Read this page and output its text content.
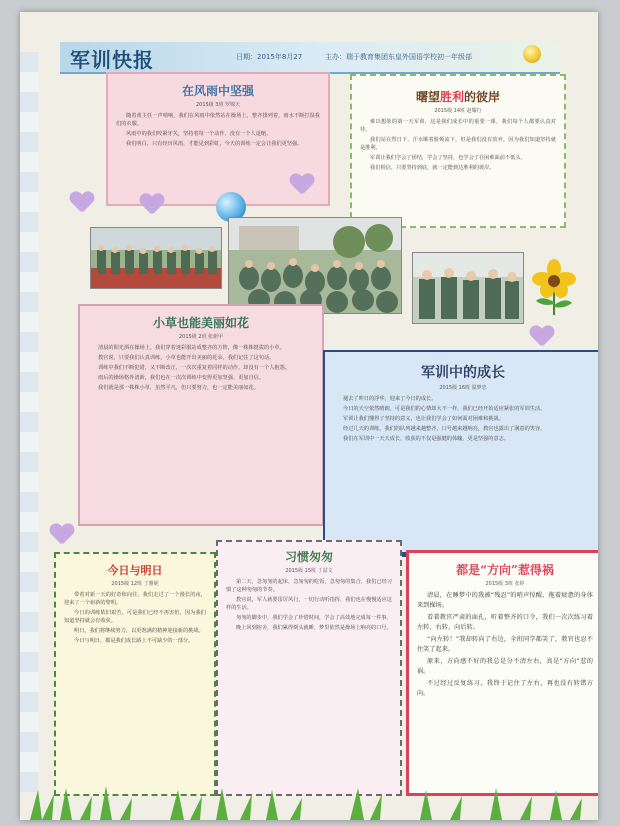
军训快报	日期：2015年8月27	主办：瑞于教育集团东皇外国语学校初一年级部
在风雨中坚强
2015级 3班 罗锦天

随着黄主任一声哨响，我们在风雨中依然站在操场上，整齐排列着，雨水不断打湿我们的衣服。

风雨中的我们咬紧牙关，坚持着每一个动作，没有一个人退缩。

我们明白，只有经历风雨，才能见到彩虹，今天的训练一定会让我们更坚强。

曙望胜利的彼岸
2015级 14班 赵耀行

难以想象的第一天军训，这是我们成长中的重要一课，我们每个人都要认真对待。

我们站在烈日下，汗水顺着脸颊流下，但是我们没有放弃，因为我们知道坚持就是胜利。

军训让我们学会了团结，学会了坚持，也学会了在困难面前不低头。

我们相信，只要坚持到底，就一定能到达胜利的彼岸。

小草也能美丽如花
2015级 2班 张新甲

清晨的阳光洒在操场上，我们穿着迷彩服站成整齐的方阵，像一株株挺拔的小草。

教官说，只要我们认真训练，小草也能开出美丽的花朵，我们记住了这句话。

训练中我们不断犯错，又不断改正，一次次重复着同样的动作，却没有一个人抱怨。

雨后的操场格外清新，我们也在一次次训练中变得更加坚强、更加自信。

我们就是那一株株小草，虽然平凡，但只要努力，也一定能美丽如花。

军训中的成长
2015级 16班 温梦忠

褪去了昨日的浮华，迎来了今日的成长。

今日的天空依然晴朗，可是我们的心情却大不一样，我们已经开始适应紧张的军训生活。

军训让我们懂得了坚持的意义，也让我们学会了如何面对困难和挑战。

经过几天的训练，我们的队列越来越整齐，口号越来越响亮，教官也露出了满意的笑容。

我们在军训中一天天成长，收获的不仅是强健的体魄，更是坚强的意志。

今日与明日
2015级 12班 丁雅妮

带着对新一天的好奇和向往，我们走过了一个漫长的夜，迎来了一个崭新的黎明。

今日的训练依旧艰苦，可是我们已经不再害怕，因为我们知道坚持就会有收获。

明日，我们将继续努力，以更饱满的精神迎接新的挑战。

今日与明日，都是我们成长路上不可缺少的一部分。

习惯匆匆
2015级 15班 丁喆文

第二天，急匆匆的起床，急匆匆的吃饭，急匆匆的集合，我们已经习惯了这种匆匆的节奏。

教官说，军人就要雷厉风行，一切行动听指挥，我们也在慢慢适应这样的生活。

匆匆的脚步中，我们学会了珍惜时间，学会了高效地完成每一件事。

晚上回到宿舍，我们累得倒头就睡，梦里依然是操场上响亮的口号。

都是“方向”惹得祸
2015级 3班 张婷

清晨，在睡梦中的我被“残忍”的哨声惊醒，拖着疲惫的身体来到操场。

看着教官严肃的面孔，听着整齐的口令，我们一次次练习着左转、右转、向后转。

“向左转！”我却转向了右边，全班同学都笑了，教官也忍不住笑了起来。

原来，方向感不好的我总是分不清左右，真是“方向”惹的祸。

不过经过反复练习，我终于记住了左右，再也没有转错方向。
